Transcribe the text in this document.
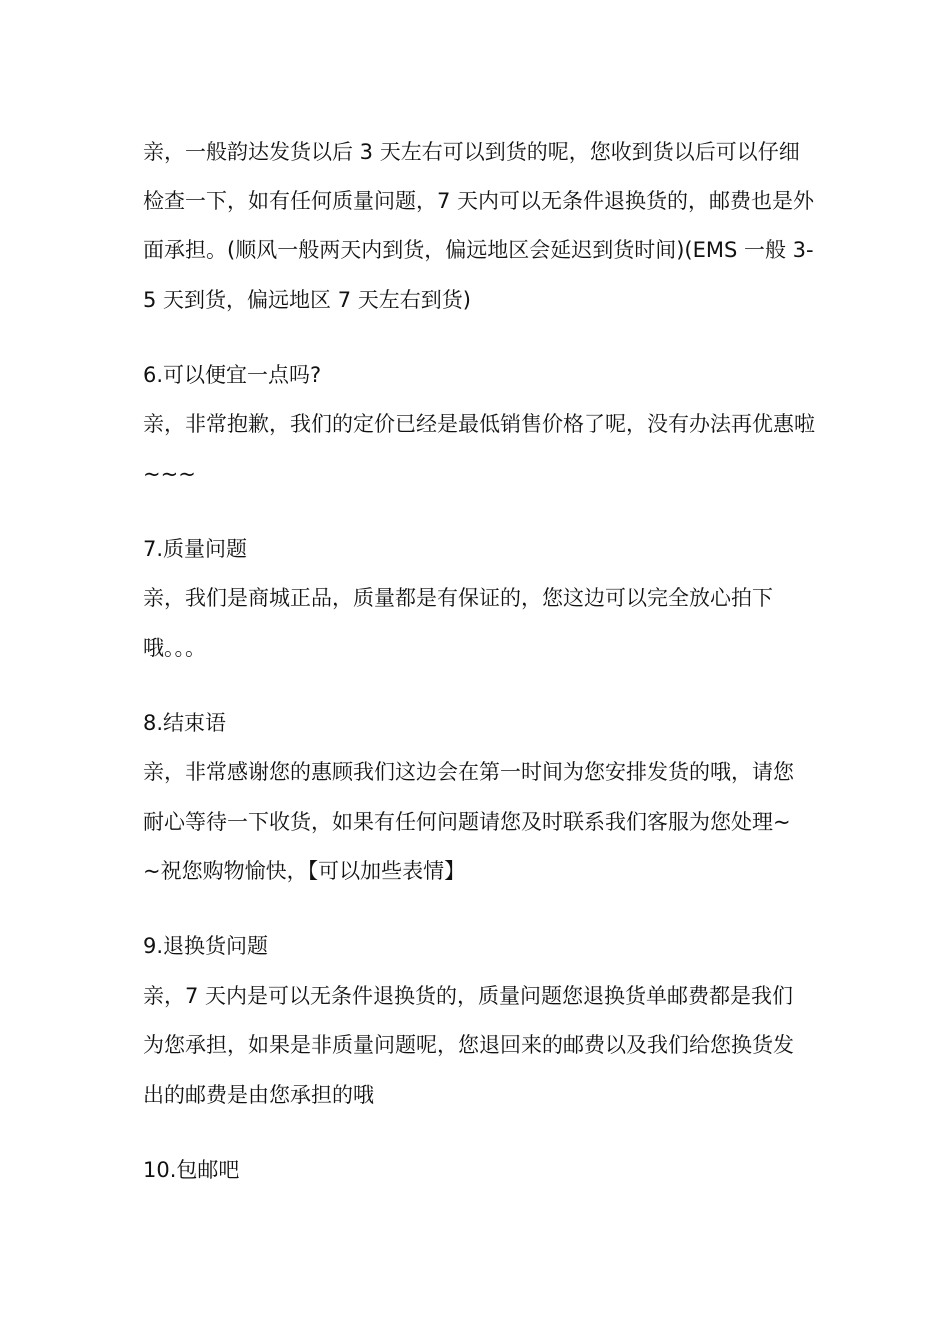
亲，一般韵达发货以后 3 天左右可以到货的呢，您收到货以后可以仔细
检查一下，如有任何质量问题，7 天内可以无条件退换货的，邮费也是外
面承担。(顺风一般两天内到货，偏远地区会延迟到货时间)(EMS 一般 3-
5 天到货，偏远地区 7 天左右到货)
6.可以便宜一点吗?
亲，非常抱歉，我们的定价已经是最低销售价格了呢，没有办法再优惠啦
~~~
7.质量问题
亲，我们是商城正品，质量都是有保证的，您这边可以完全放心拍下
哦。。。
8.结束语
亲，非常感谢您的惠顾我们这边会在第一时间为您安排发货的哦，请您
耐心等待一下收货，如果有任何问题请您及时联系我们客服为您处理~
~祝您购物愉快，【可以加些表情】
9.退换货问题
亲，7 天内是可以无条件退换货的，质量问题您退换货单邮费都是我们
为您承担，如果是非质量问题呢，您退回来的邮费以及我们给您换货发
出的邮费是由您承担的哦
10.包邮吧
